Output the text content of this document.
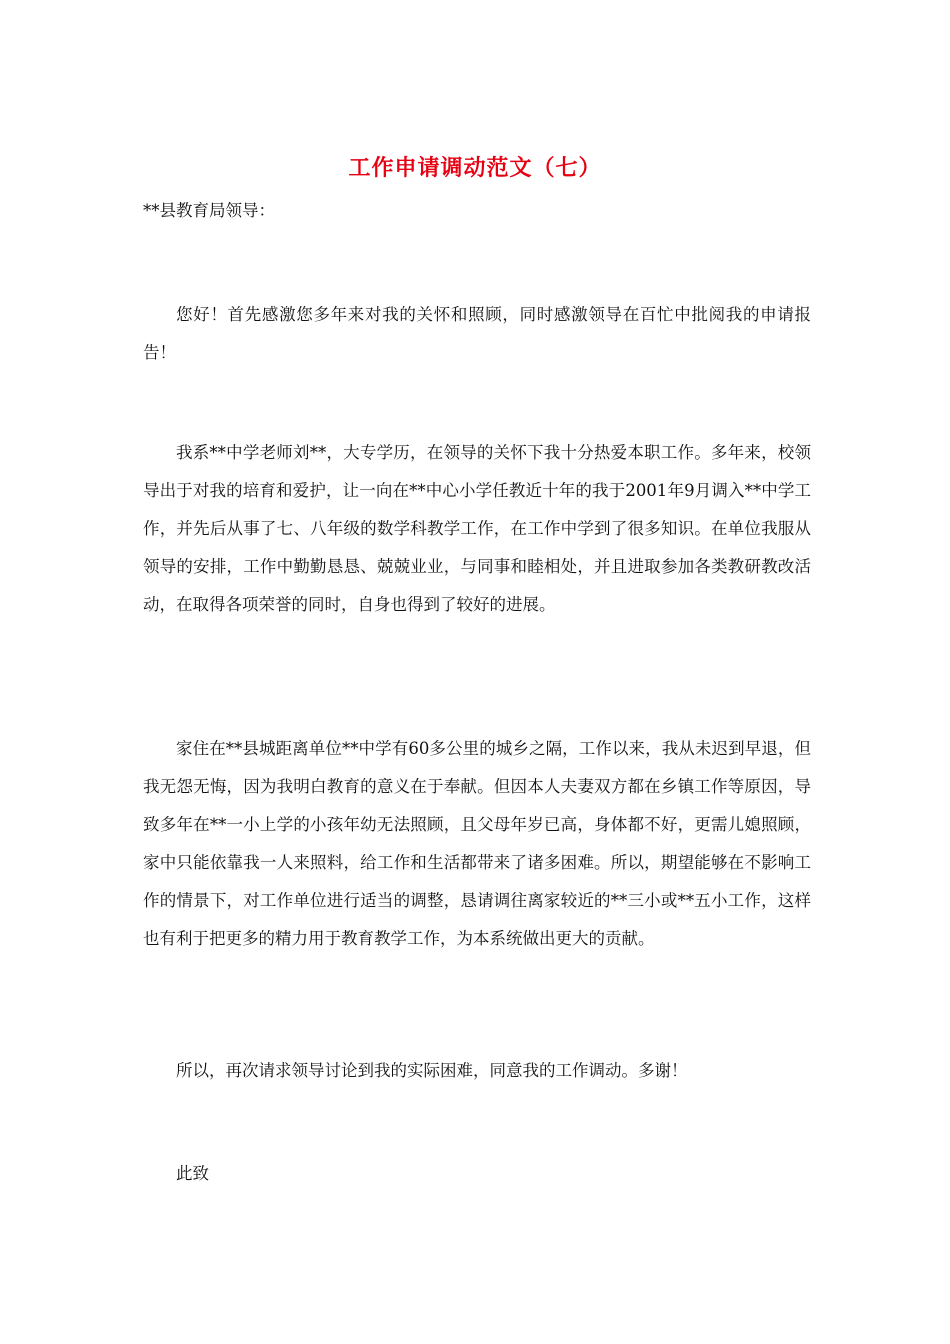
工作申请调动范文（七）
**县教育局领导：

您好！首先感激您多年来对我的关怀和照顾，同时感激领导在百忙中批阅我的申请报告！

我系**中学老师刘**，大专学历，在领导的关怀下我十分热爱本职工作。多年来，校领导出于对我的培育和爱护，让一向在**中心小学任教近十年的我于2001年9月调入**中学工作，并先后从事了七、八年级的数学科教学工作，在工作中学到了很多知识。在单位我服从领导的安排，工作中勤勤恳恳、兢兢业业，与同事和睦相处，并且进取参加各类教研教改活动，在取得各项荣誉的同时，自身也得到了较好的进展。

家住在**县城距离单位**中学有60多公里的城乡之隔，工作以来，我从未迟到早退，但我无怨无悔，因为我明白教育的意义在于奉献。但因本人夫妻双方都在乡镇工作等原因，导致多年在**一小上学的小孩年幼无法照顾，且父母年岁已高，身体都不好，更需儿媳照顾，家中只能依靠我一人来照料，给工作和生活都带来了诸多困难。所以，期望能够在不影响工作的情景下，对工作单位进行适当的调整，恳请调往离家较近的**三小或**五小工作，这样也有利于把更多的精力用于教育教学工作，为本系统做出更大的贡献。

所以，再次请求领导讨论到我的实际困难，同意我的工作调动。多谢！

此致
